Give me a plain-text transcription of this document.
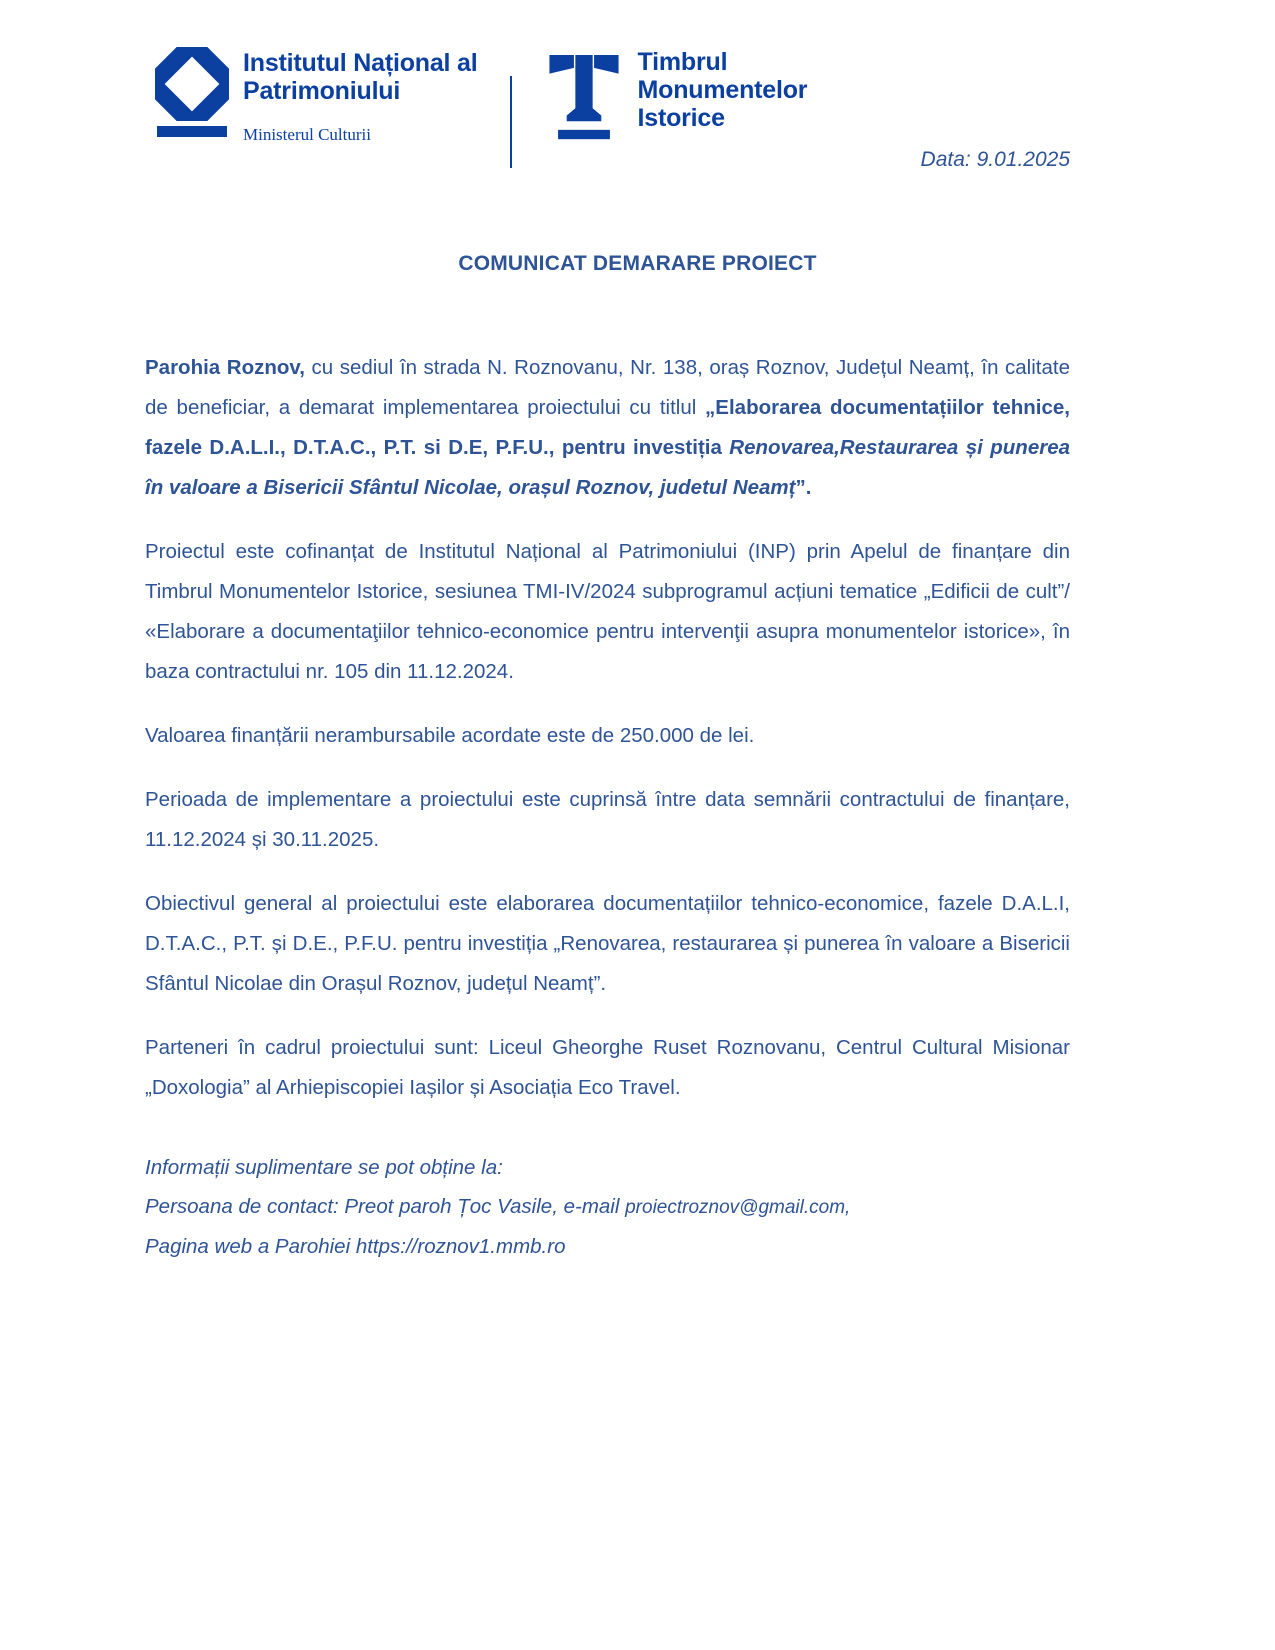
Institutul Național al
Patrimoniului
Ministerul Culturii
Timbrul
Monumentelor
Istorice
Data: 9.01.2025
COMUNICAT DEMARARE PROIECT

Parohia Roznov, cu sediul în strada N. Roznovanu, Nr. 138, oraș Roznov, Județul Neamț, în calitate de beneficiar, a demarat implementarea proiectului cu titlul „Elaborarea documentațiilor tehnice, fazele D.A.L.I., D.T.A.C., P.T. si D.E, P.F.U., pentru investiția Renovarea,Restaurarea și punerea în valoare a Bisericii Sfântul Nicolae, orașul Roznov, judetul Neamț”.

Proiectul este cofinanțat de Institutul Național al Patrimoniului (INP) prin Apelul de finanțare din Timbrul Monumentelor Istorice, sesiunea TMI-IV/2024 subprogramul acțiuni tematice „Edificii de cult”/ «Elaborare a documentaţiilor tehnico-economice pentru intervenţii asupra monumentelor istorice», în baza contractului nr. 105 din 11.12.2024.

Valoarea finanțării nerambursabile acordate este de 250.000 de lei.

Perioada de implementare a proiectului este cuprinsă între data semnării contractului de finanțare, 11.12.2024 și 30.11.2025.

Obiectivul general al proiectului este elaborarea documentațiilor tehnico-economice, fazele D.A.L.I, D.T.A.C., P.T. și D.E., P.F.U. pentru investiția „Renovarea, restaurarea și punerea în valoare a Bisericii Sfântul Nicolae din Orașul Roznov, județul Neamț”.

Parteneri în cadrul proiectului sunt: Liceul Gheorghe Ruset Roznovanu, Centrul Cultural Misionar „Doxologia” al Arhiepiscopiei Iașilor și Asociația Eco Travel.

Informații suplimentare se pot obține la:
Persoana de contact: Preot paroh Țoc Vasile, e-mail proiectroznov@gmail.com,
Pagina web a Parohiei https://roznov1.mmb.ro
